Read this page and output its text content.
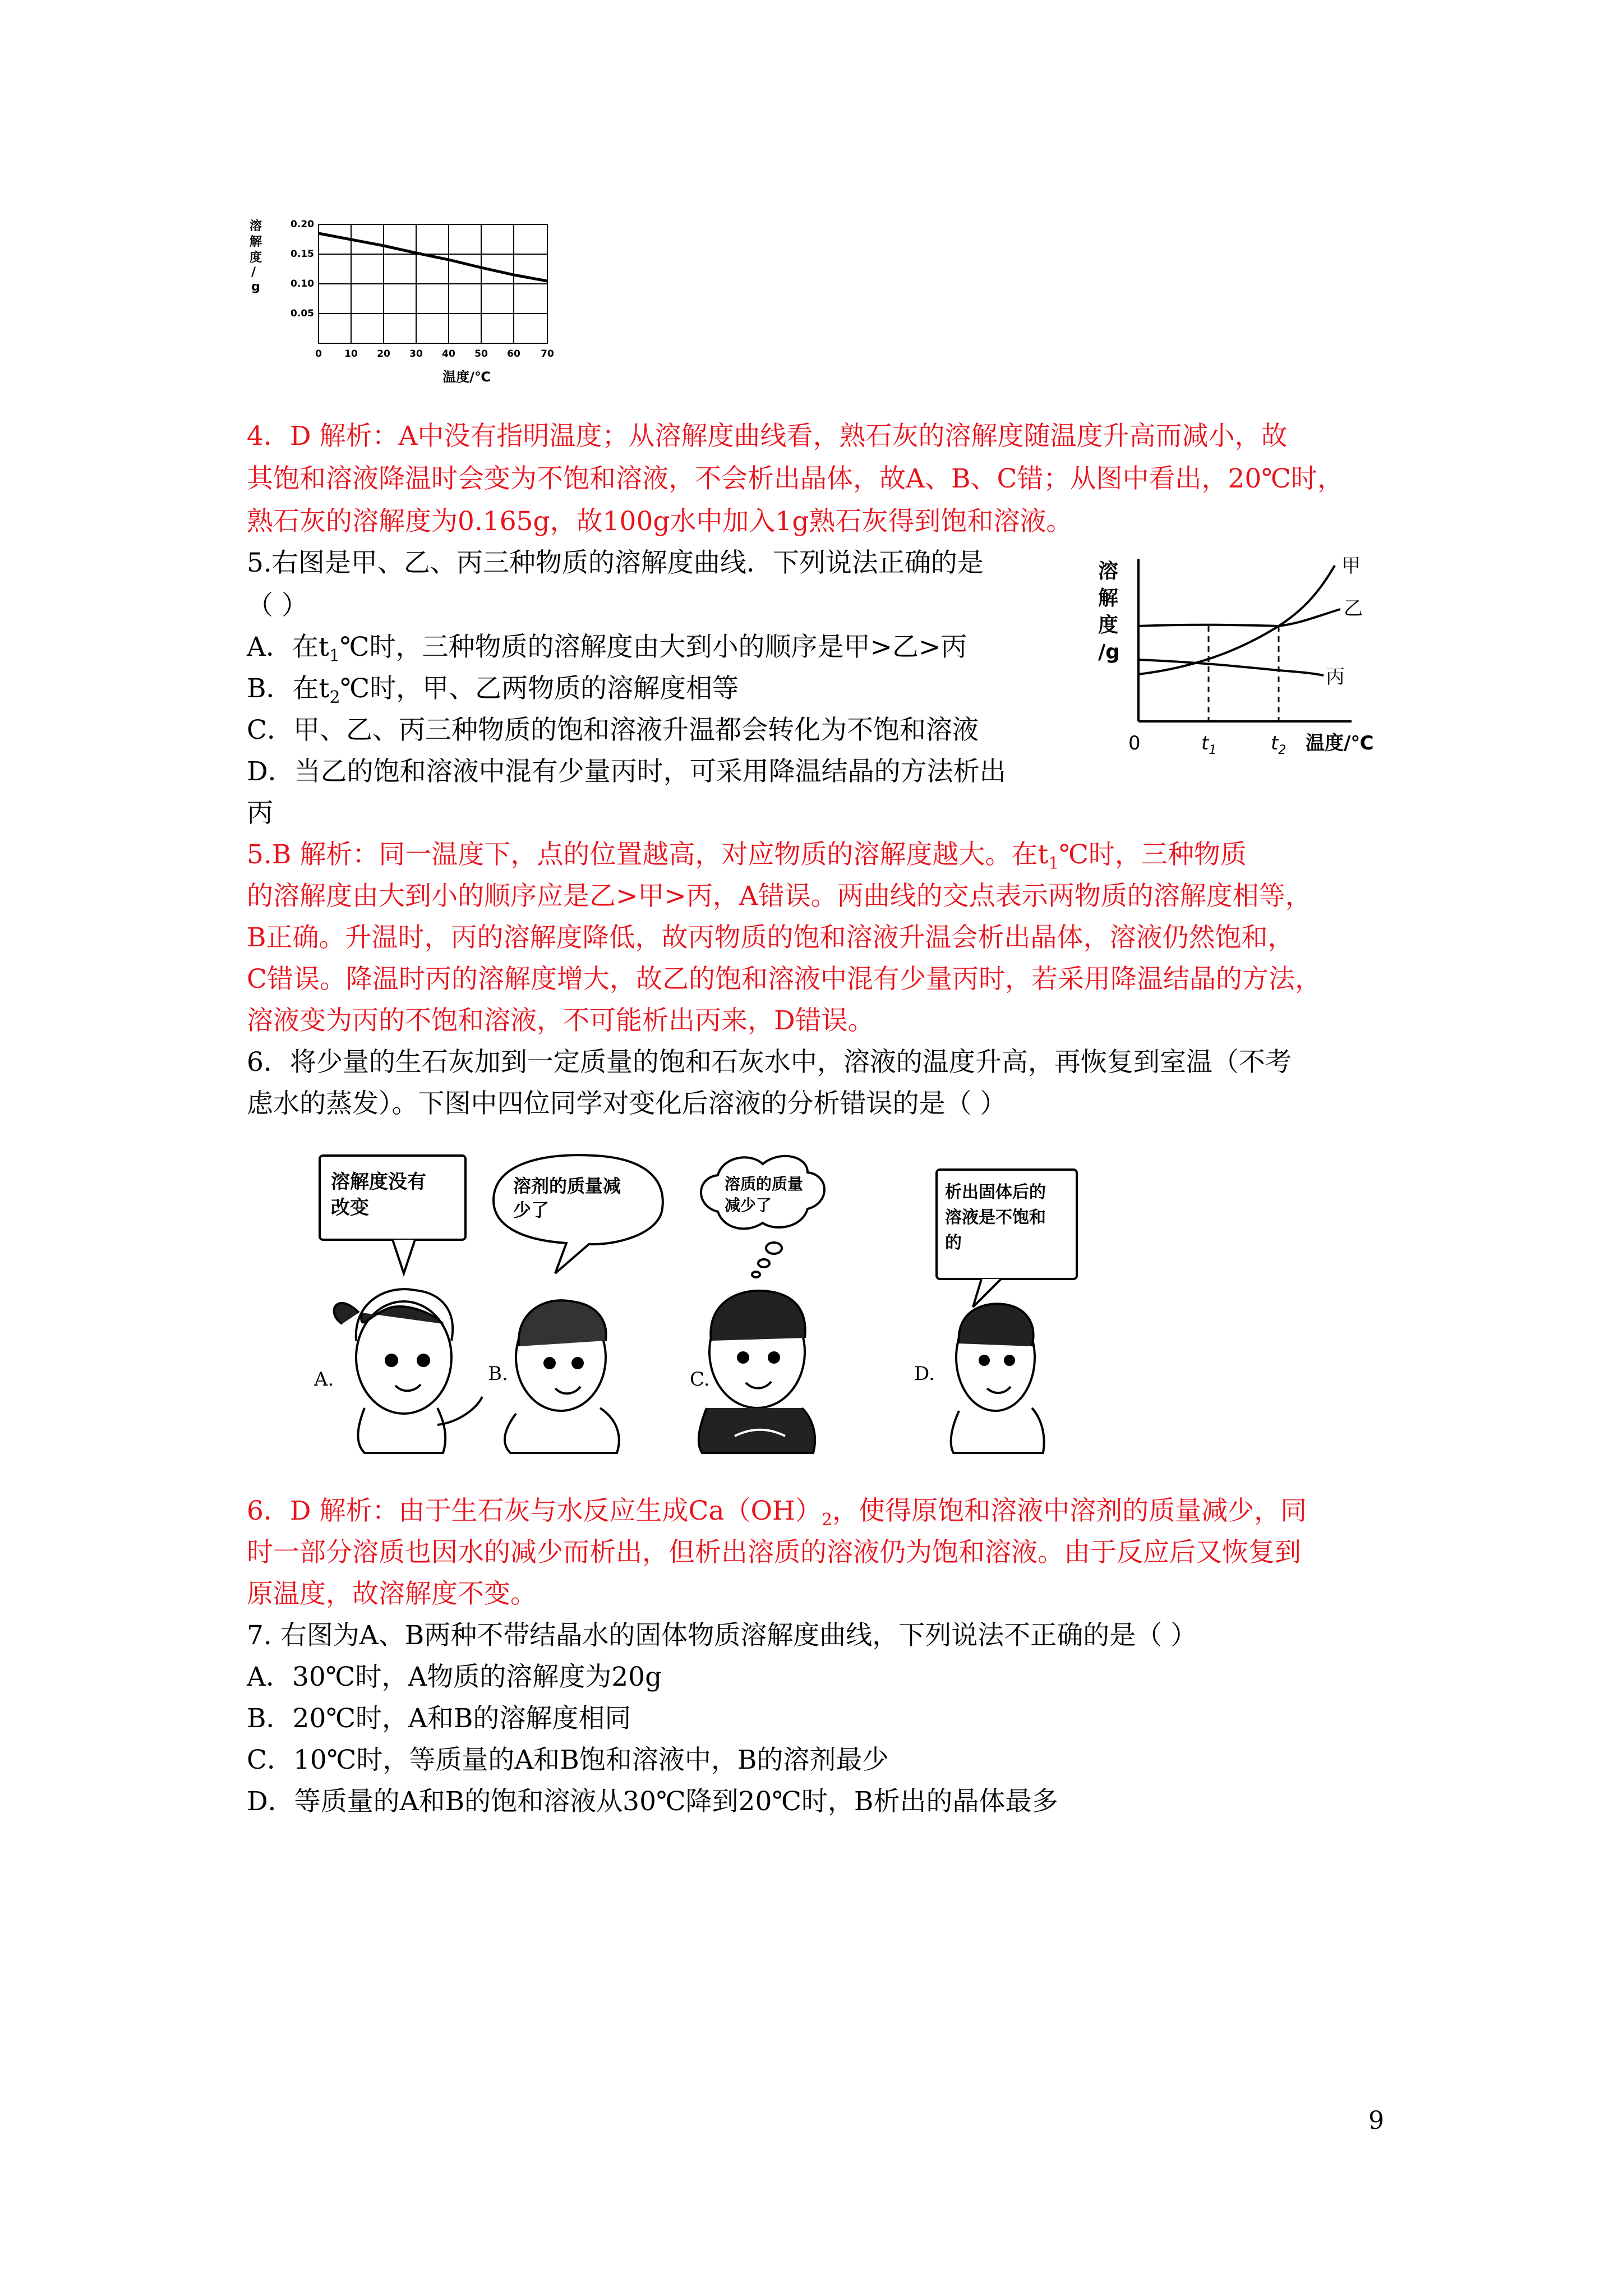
溶
解
度
/
g
0.20
0.15
0.10
0.05
0 10 20 30 40 50 60 70
温度/℃
4．D 解析：A中没有指明温度；从溶解度曲线看，熟石灰的溶解度随温度升高而减小，故
其饱和溶液降温时会变为不饱和溶液，不会析出晶体，故A、B、C错；从图中看出，20℃时，
熟石灰的溶解度为0.165g，故100g水中加入1g熟石灰得到饱和溶液。
5.右图是甲、乙、丙三种物质的溶解度曲线．下列说法正确的是
（ ）
A．在$t_1℃$时，三种物质的溶解度由大到小的顺序是甲>乙>丙
B．在$t_2℃$时，甲、乙两物质的溶解度相等
C．甲、乙、丙三种物质的饱和溶液升温都会转化为不饱和溶液
D．当乙的饱和溶液中混有少量丙时，可采用降温结晶的方法析出
丙
溶
解
度
/g
甲
乙
丙
0	$t_1$	$t_2$ 温度/℃
5.B 解析：同一温度下，点的位置越高，对应物质的溶解度越大。在$t_1℃$时，三种物质
的溶解度由大到小的顺序应是乙>甲>丙，A错误。两曲线的交点表示两物质的溶解度相等，
B正确。升温时，丙的溶解度降低，故丙物质的饱和溶液升温会析出晶体，溶液仍然饱和，
C错误。降温时丙的溶解度增大，故乙的饱和溶液中混有少量丙时，若采用降温结晶的方法，
溶液变为丙的不饱和溶液，不可能析出丙来，D错误。
6．将少量的生石灰加到一定质量的饱和石灰水中，溶液的温度升高，再恢复到室温（不考
虑水的蒸发）。下图中四位同学对变化后溶液的分析错误的是（ ）
A.
溶解度没有
改变
B.
溶剂的质量减
少了
C.
溶质的质量
减少了
D.
析出固体后的
溶液是不饱和
的
6．D 解析：由于生石灰与水反应生成$Ca(OH)_2$，使得原饱和溶液中溶剂的质量减少，同
时一部分溶质也因水的减少而析出，但析出溶质的溶液仍为饱和溶液。由于反应后又恢复到
原温度，故溶解度不变。
7. 右图为A、B两种不带结晶水的固体物质溶解度曲线，下列说法不正确的是（ ）
A．30℃时，A物质的溶解度为20g
B．20℃时，A和B的溶解度相同
C．10℃时，等质量的A和B饱和溶液中，B的溶剂最少
D．等质量的A和B的饱和溶液从30℃降到20℃时，B析出的晶体最多
9
